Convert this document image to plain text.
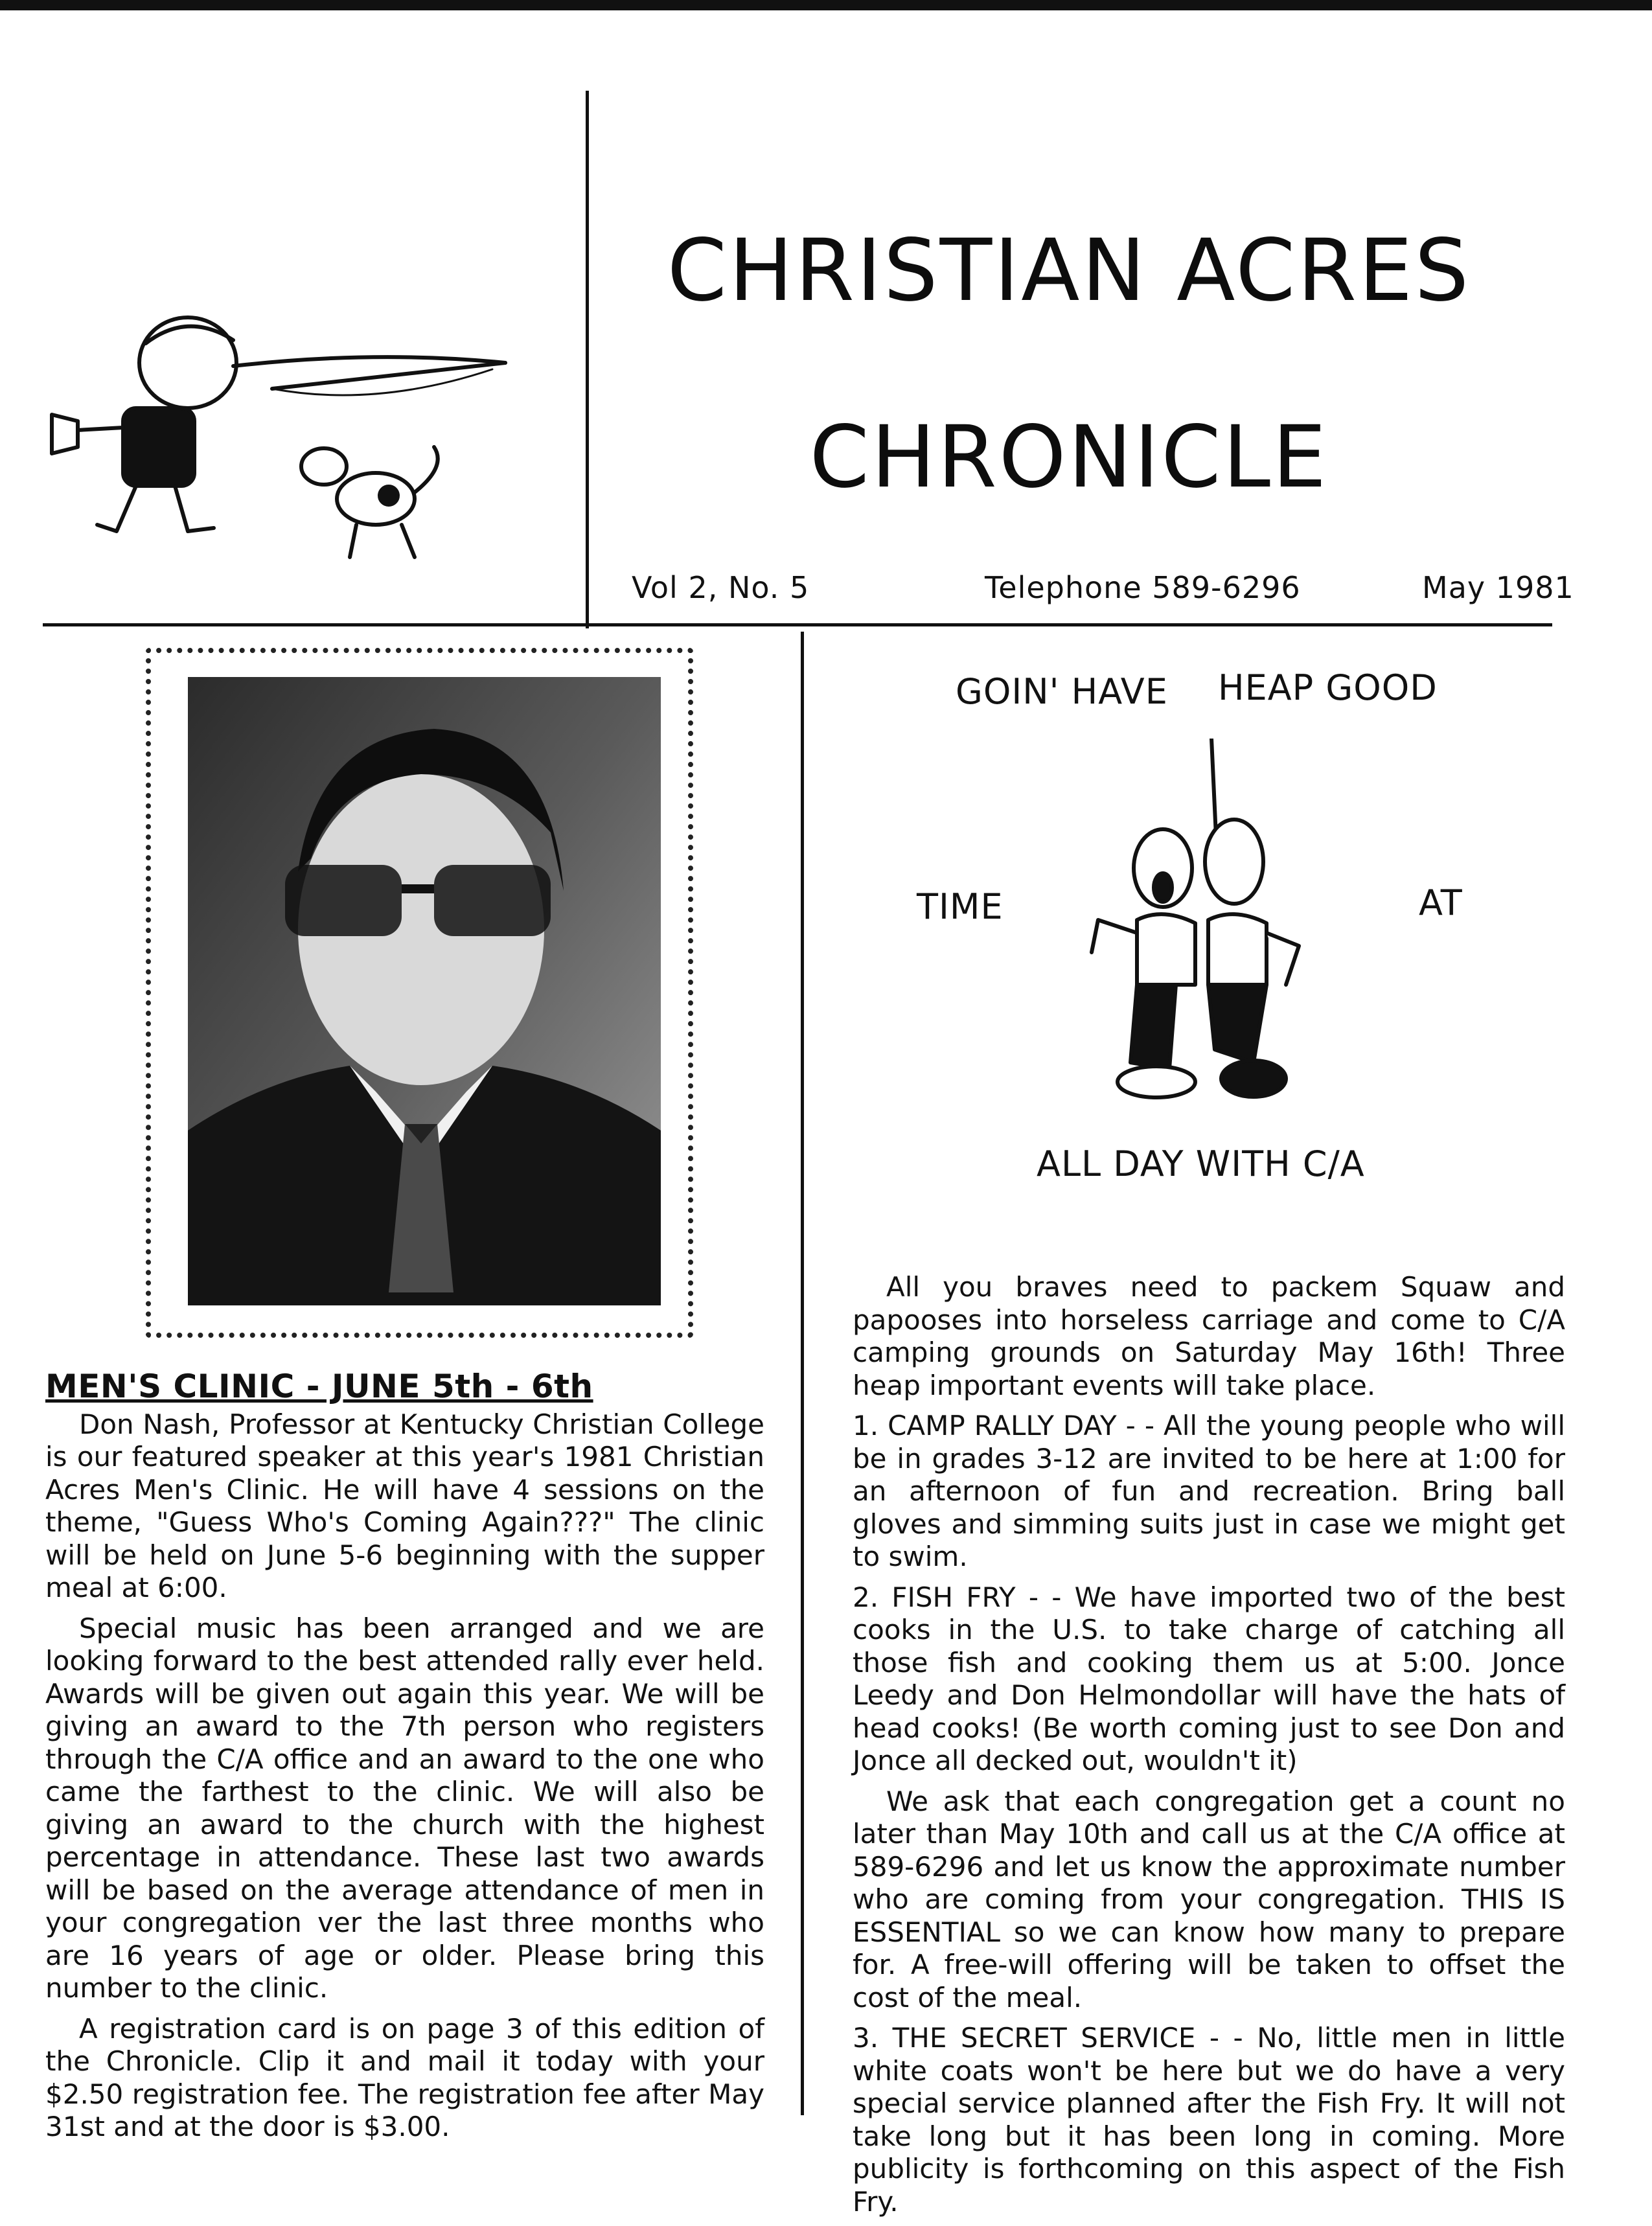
CHRISTIAN ACRES
CHRONICLE
Vol 2, No. 5	Telephone 589-6296	May 1981
MEN'S CLINIC - JUNE 5th - 6th

Don Nash, Professor at Kentucky Christian College is our featured speaker at this year's 1981 Christian Acres Men's Clinic. He will have 4 sessions on the theme, "Guess Who's Coming Again???" The clinic will be held on June 5-6 beginning with the supper meal at 6:00.

Special music has been arranged and we are looking forward to the best attended rally ever held. Awards will be given out again this year. We will be giving an award to the 7th person who registers through the C/A office and an award to the one who came the farthest to the clinic. We will also be giving an award to the church with the highest percentage in attendance. These last two awards will be based on the average attendance of men in your congregation ver the last three months who are 16 years of age or older. Please bring this number to the clinic.

A registration card is on page 3 of this edition of the Chronicle. Clip it and mail it today with your $2.50 registration fee. The registration fee after May 31st and at the door is $3.00.

GOIN' HAVE HEAP GOOD
TIME	AT
ALL DAY WITH C/A

All you braves need to packem Squaw and papooses into horseless carriage and come to C/A camping grounds on Saturday May 16th! Three heap important events will take place.

1. CAMP RALLY DAY - - All the young people who will be in grades 3-12 are invited to be here at 1:00 for an afternoon of fun and recreation. Bring ball gloves and simming suits just in case we might get to swim.

2. FISH FRY - - We have imported two of the best cooks in the U.S. to take charge of catching all those fish and cooking them us at 5:00. Jonce Leedy and Don Helmondollar will have the hats of head cooks! (Be worth coming just to see Don and Jonce all decked out, wouldn't it)

We ask that each congregation get a count no later than May 10th and call us at the C/A office at 589-6296 and let us know the approximate number who are coming from your congregation. THIS IS ESSENTIAL so we can know how many to prepare for. A free-will offering will be taken to offset the cost of the meal.

3. THE SECRET SERVICE - - No, little men in little white coats won't be here but we do have a very special service planned after the Fish Fry. It will not take long but it has been long in coming. More publicity is forthcoming on this aspect of the Fish Fry.
